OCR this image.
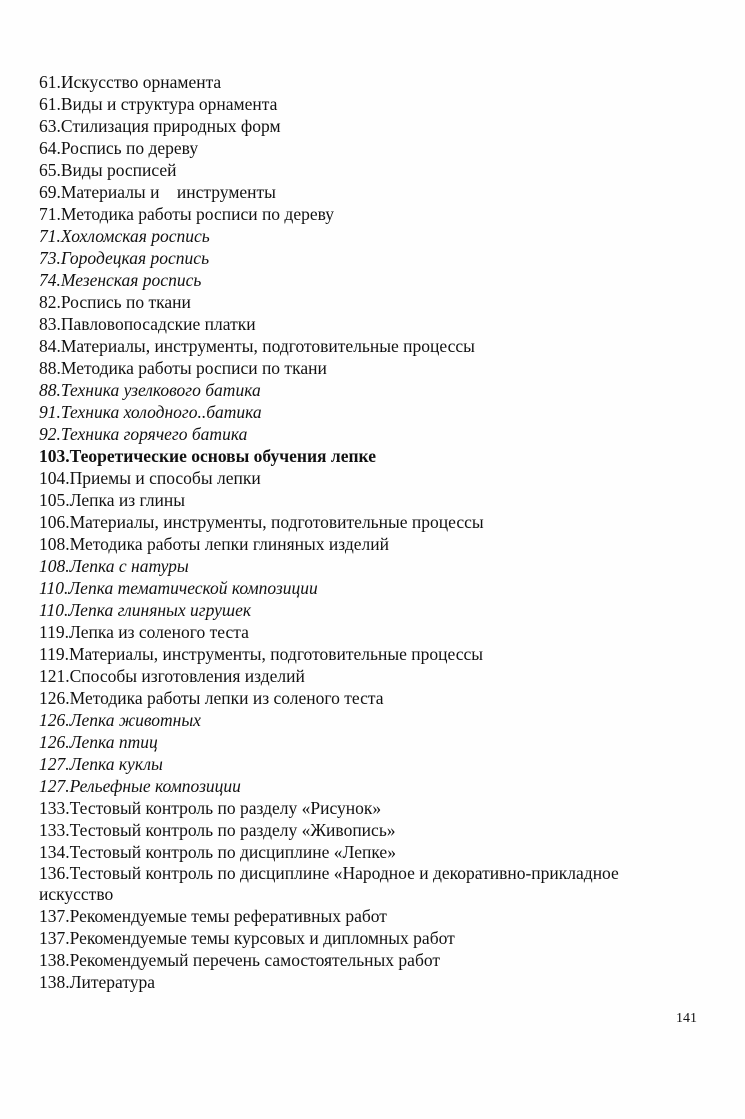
61.Искусство орнамента
61.Виды и структура орнамента
63.Стилизация природных форм
64.Роспись по дереву
65.Виды росписей
69.Материалы и    инструменты
71.Методика работы росписи по дереву
71.Хохломская роспись
73.Городецкая роспись
74.Мезенская роспись
82.Роспись по ткани
83.Павловопосадские платки
84.Материалы, инструменты, подготовительные процессы
88.Методика работы росписи по ткани
88.Техника узелкового батика
91.Техника холодного..батика
92.Техника горячего батика
103.Теоретические основы обучения лепке
104.Приемы и способы лепки
105.Лепка из глины
106.Материалы, инструменты, подготовительные процессы
108.Методика работы лепки глиняных изделий
108.Лепка с натуры
110.Лепка тематической композиции
110.Лепка глиняных игрушек
119.Лепка из соленого теста
119.Материалы, инструменты, подготовительные процессы
121.Способы изготовления изделий
126.Методика работы лепки из соленого теста
126.Лепка животных
126.Лепка птиц
127.Лепка куклы
127.Рельефные композиции
133.Тестовый контроль по разделу «Рисунок»
133.Тестовый контроль по разделу «Живопись»
134.Тестовый контроль по дисциплине «Лепке»
136.Тестовый контроль по дисциплине «Народное и декоративно-прикладное искусство
137.Рекомендуемые темы реферативных работ
137.Рекомендуемые темы курсовых и дипломных работ
138.Рекомендуемый перечень самостоятельных работ
138.Литература
141
